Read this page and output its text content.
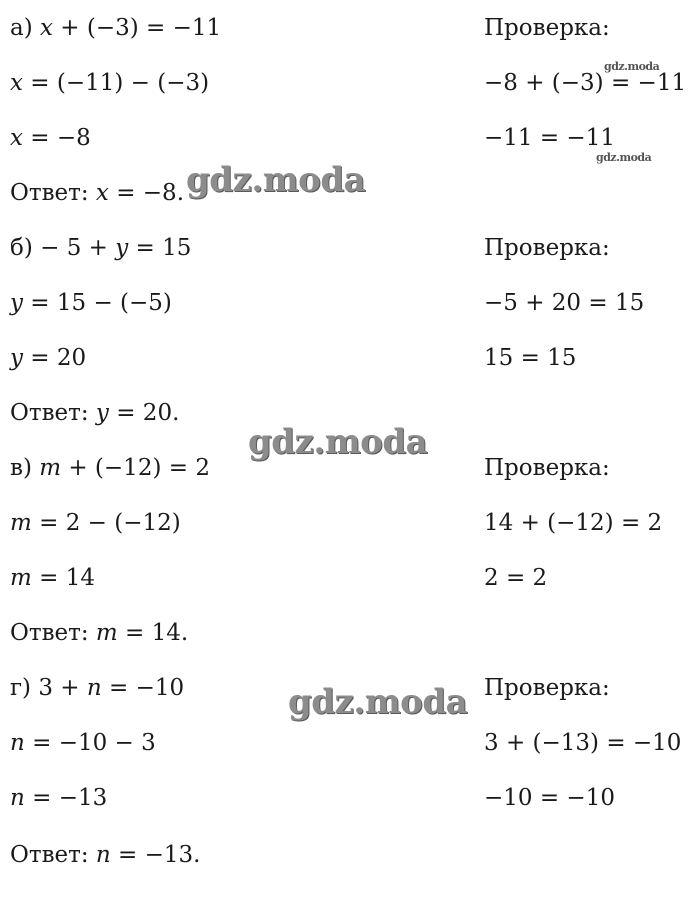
а) 𝑥 + (−3) = −11
𝑥 = (−11) − (−3)
𝑥 = −8
Ответ: 𝑥 = −8.
Проверка:
−8 + (−3) = −11
−11 = −11
б) − 5 + 𝑦 = 15
𝑦 = 15 − (−5)
𝑦 = 20
Ответ: 𝑦 = 20.
Проверка:
−5 + 20 = 15
15 = 15
в) 𝑚 + (−12) = 2
𝑚 = 2 − (−12)
𝑚 = 14
Ответ: 𝑚 = 14.
Проверка:
14 + (−12) = 2
2 = 2
г) 3 + 𝑛 = −10
𝑛 = −10 − 3
𝑛 = −13
Ответ: 𝑛 = −13.
Проверка:
3 + (−13) = −10
−10 = −10
gdz.moda
gdz.moda
gdz.moda
gdz.moda
gdz.moda
